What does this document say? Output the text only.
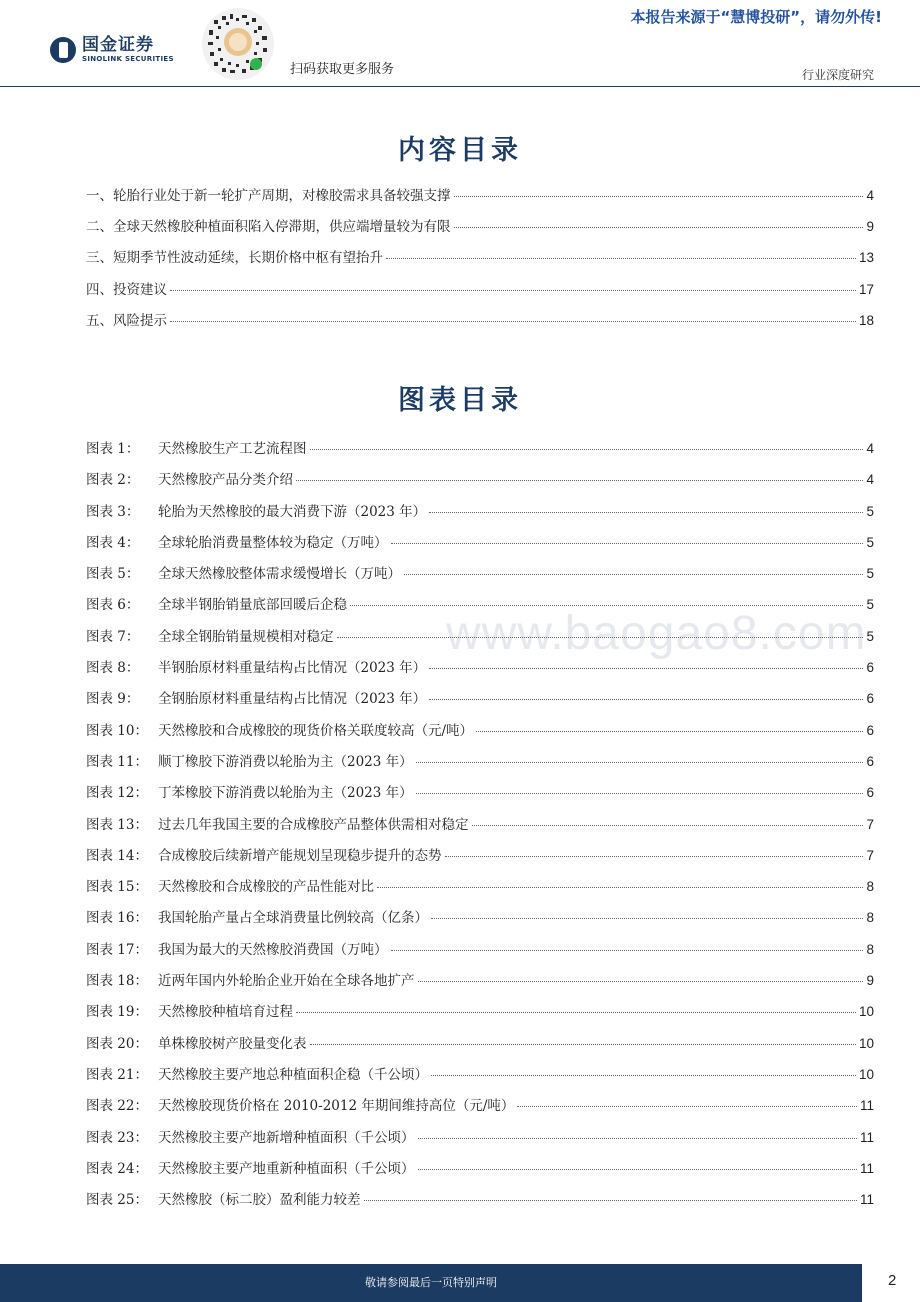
国金证券
SINOLINK SECURITIES
扫码获取更多服务
本报告来源于“慧博投研”，请勿外传!
行业深度研究
内容目录
一、 轮胎行业处于新一轮扩产周期，对橡胶需求具备较强支撑	4
二、 全球天然橡胶种植面积陷入停滞期，供应端增量较为有限	9
三、 短期季节性波动延续，长期价格中枢有望抬升	13
四、 投资建议	17
五、 风险提示	18
图表目录
www.baogao8.com
图表 1：	天然橡胶生产工艺流程图	4
图表 2：	天然橡胶产品分类介绍	4
图表 3：	轮胎为天然橡胶的最大消费下游（2023 年）	5
图表 4：	全球轮胎消费量整体较为稳定（万吨）	5
图表 5：	全球天然橡胶整体需求缓慢增长（万吨）	5
图表 6：	全球半钢胎销量底部回暖后企稳	5
图表 7：	全球全钢胎销量规模相对稳定	5
图表 8：	半钢胎原材料重量结构占比情况（2023 年）	6
图表 9：	全钢胎原材料重量结构占比情况（2023 年）	6
图表 10： 天然橡胶和合成橡胶的现货价格关联度较高（元/吨）	6
图表 11： 顺丁橡胶下游消费以轮胎为主（2023 年）	6
图表 12： 丁苯橡胶下游消费以轮胎为主（2023 年）	6
图表 13： 过去几年我国主要的合成橡胶产品整体供需相对稳定	7
图表 14： 合成橡胶后续新增产能规划呈现稳步提升的态势	7
图表 15： 天然橡胶和合成橡胶的产品性能对比	8
图表 16： 我国轮胎产量占全球消费量比例较高（亿条）	8
图表 17： 我国为最大的天然橡胶消费国（万吨）	8
图表 18： 近两年国内外轮胎企业开始在全球各地扩产	9
图表 19： 天然橡胶种植培育过程	10
图表 20： 单株橡胶树产胶量变化表	10
图表 21： 天然橡胶主要产地总种植面积企稳（千公顷）	10
图表 22： 天然橡胶现货价格在 2010-2012 年期间维持高位（元/吨）	11
图表 23： 天然橡胶主要产地新增种植面积（千公顷）	11
图表 24： 天然橡胶主要产地重新种植面积（千公顷）	11
图表 25： 天然橡胶（标二胶）盈利能力较差	11
敬请参阅最后一页特别声明	2
